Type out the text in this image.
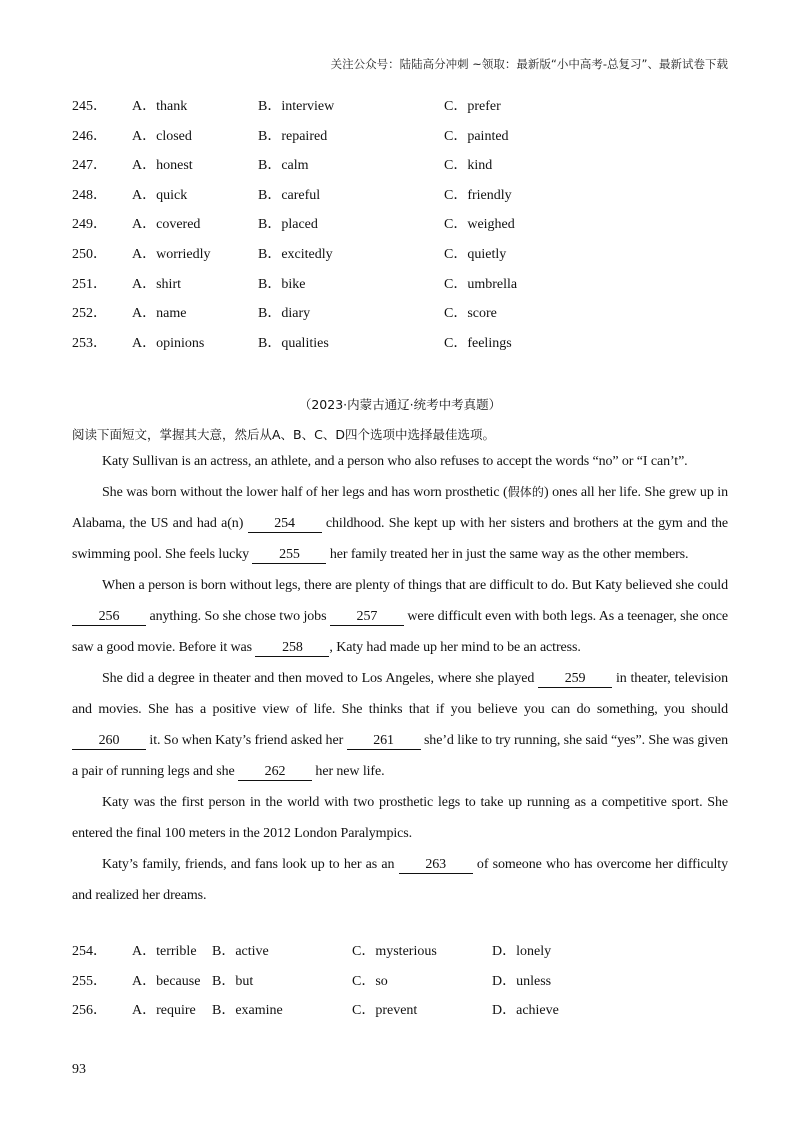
关注公众号：陆陆高分冲刺 ~领取：最新版“小中高考-总复习”、最新试卷下载
245． A．thank	B．interview	C．prefer
246． A．closed	B．repaired	C．painted
247． A．honest	B．calm	C．kind
248． A．quick	B．careful	C．friendly
249． A．covered	B．placed	C．weighed
250． A．worriedly	B．excitedly	C．quietly
251． A．shirt	B．bike	C．umbrella
252． A．name	B．diary	C．score
253． A．opinions	B．qualities	C．feelings
（2023·内蒙古通辽·统考中考真题）
阅读下面短文，掌握其大意，然后从A、B、C、D四个选项中选择最佳选项。

Katy Sullivan is an actress, an athlete, and a person who also refuses to accept the words “no” or “I can’t”.

She was born without the lower half of her legs and has worn prosthetic (假体的) ones all her life. She grew up in Alabama, the US and had a(n) 254 childhood. She kept up with her sisters and brothers at the gym and the swimming pool. She feels lucky 255 her family treated her in just the same way as the other members.

When a person is born without legs, there are plenty of things that are difficult to do. But Katy believed she could 256 anything. So she chose two jobs 257 were difficult even with both legs. As a teenager, she once saw a good movie. Before it was 258 , Katy had made up her mind to be an actress.

She did a degree in theater and then moved to Los Angeles, where she played 259 in theater, television and movies. She has a positive view of life. She thinks that if you believe you can do something, you should 260 it. So when Katy’s friend asked her 261 she’d like to try running, she said “yes”. She was given a pair of running legs and she 262 her new life.

Katy was the first person in the world with two prosthetic legs to take up running as a competitive sport. She entered the final 100 meters in the 2012 London Paralympics.

Katy’s family, friends, and fans look up to her as an 263 of someone who has overcome her difficulty and realized her dreams.

254． A．terrible B．active	C．mysterious	D．lonely
255． A．because B．but	C．so	D．unless
256． A．require B．examine	C．prevent	D．achieve
93
